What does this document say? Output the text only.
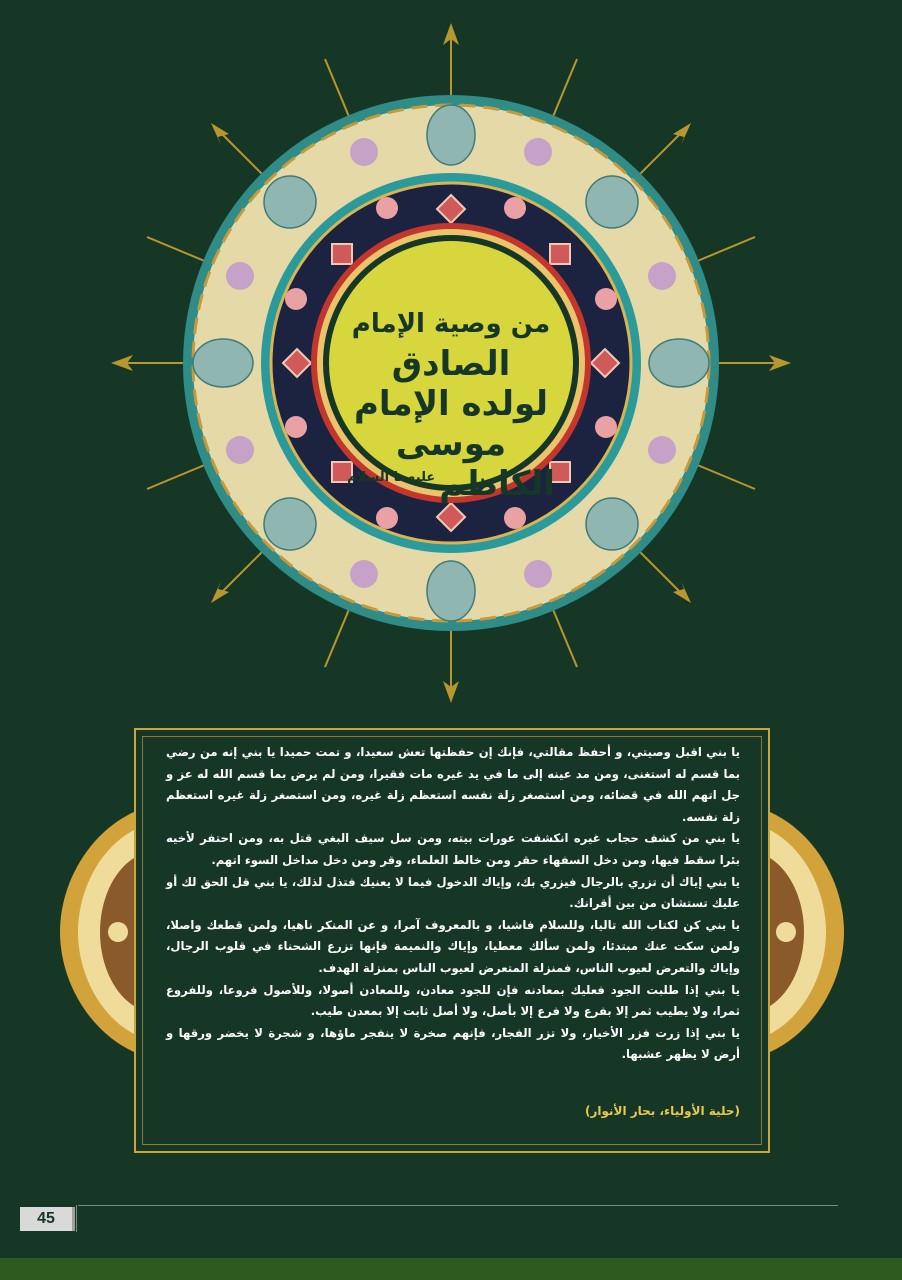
من وصية الإمام
الصادق
لولده الإمام
موسى
الكاظم
عليهما السلام

يا بني اقبل وصيتي، و أحفظ مقالتي، فإنك إن حفظتها تعش سعيدا، و تمت حميدا يا بني إنه من رضي بما قسم له استغنى، ومن مد عينه إلى ما في يد غيره مات فقيرا، ومن لم يرض بما قسم الله له عز و جل اتهم الله في قضائه، ومن استصغر زلة نفسه استعظم زلة غيره، ومن استصغر زلة غيره استعظم زلة نفسه.

يا بني من كشف حجاب غيره انكشفت عورات بيته، ومن سل سيف البغي قتل به، ومن احتفر لأخيه بئرا سقط فيها، ومن دخل السفهاء حقر ومن خالط العلماء، وقر ومن دخل مداخل السوء اتهم.

يا بني إياك أن تزري بالرجال فيزري بك، وإياك الدخول فيما لا يعنيك فتذل لذلك، يا بني قل الحق لك أو عليك تستشان من بين أقرانك.

يا بني كن لكتاب الله تاليا، وللسلام فاشيا، و بالمعروف آمرا، و عن المنكر ناهيا، ولمن قطعك واصلا، ولمن سكت عنك مبتدئا، ولمن سألك معطيا، وإياك والنميمة فإنها تزرع الشحناء في قلوب الرجال، وإياك والتعرض لعيوب الناس، فمنزلة المتعرض لعيوب الناس بمنزلة الهدف.

يا بني إذا طلبت الجود فعليك بمعادنه فإن للجود معادن، وللمعادن أصولا، وللأصول فروعا، وللفروع ثمرا، ولا يطيب ثمر إلا بفرع ولا فرع إلا بأصل، ولا أصل ثابت إلا بمعدن طيب.

يا بني إذا زرت فزر الأخيار، ولا تزر الفجار، فإنهم صخرة لا ينفجر ماؤها، و شجرة لا يخضر ورقها و أرض لا يظهر عشبها.

(حلية الأولياء، بحار الأنوار)
45
